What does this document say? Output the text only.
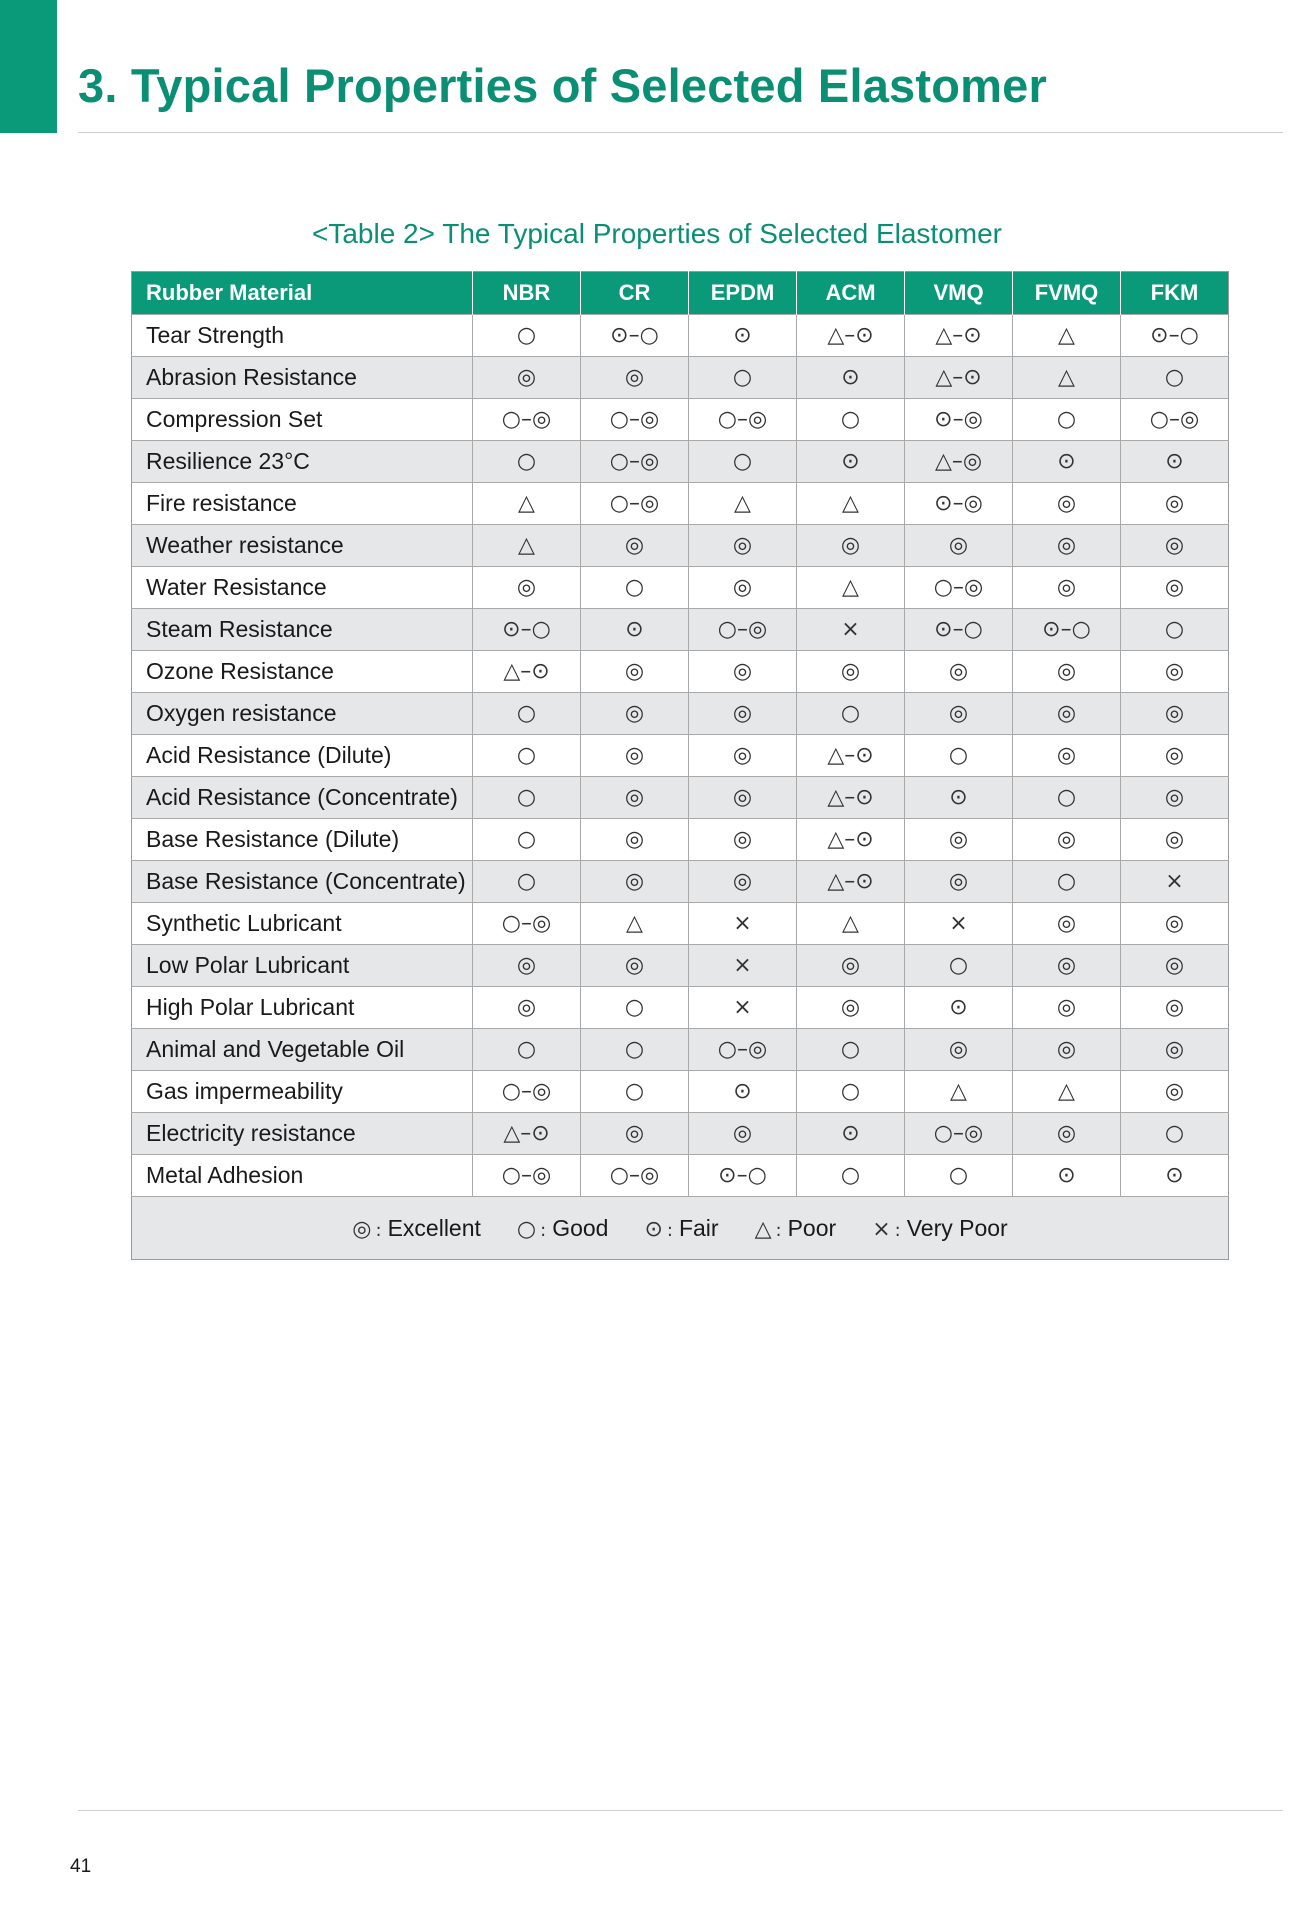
3. Typical Properties of Selected Elastomer
<Table 2> The Typical Properties of Selected Elastomer
Rubber Material	NBR	CR	EPDM	ACM	VMQ	FVMQ	FKM
Tear Strength	○	⊙–○	⊙	△–⊙	△–⊙	△	⊙–○
Abrasion Resistance	◎	◎	○	⊙	△–⊙	△	○
Compression Set	○–◎	○–◎	○–◎	○	⊙–◎	○	○–◎
Resilience 23°C	○	○–◎	○	⊙	△–◎	⊙	⊙
Fire resistance	△	○–◎	△	△	⊙–◎	◎	◎
Weather resistance	△	◎	◎	◎	◎	◎	◎
Water Resistance	◎	○	◎	△	○–◎	◎	◎
Steam Resistance	⊙–○	⊙	○–◎	×	⊙–○	⊙–○	○
Ozone Resistance	△–⊙	◎	◎	◎	◎	◎	◎
Oxygen resistance	○	◎	◎	○	◎	◎	◎
Acid Resistance (Dilute)	○	◎	◎	△–⊙	○	◎	◎
Acid Resistance (Concentrate)	○	◎	◎	△–⊙	⊙	○	◎
Base Resistance (Dilute)	○	◎	◎	△–⊙	◎	◎	◎
Base Resistance (Concentrate)	○	◎	◎	△–⊙	◎	○	×
Synthetic Lubricant	○–◎	△	×	△	×	◎	◎
Low Polar Lubricant	◎	◎	×	◎	○	◎	◎
High Polar Lubricant	◎	○	×	◎	⊙	◎	◎
Animal and Vegetable Oil	○	○	○–◎	○	◎	◎	◎
Gas impermeability	○–◎	○	⊙	○	△	△	◎
Electricity resistance	△–⊙	◎	◎	⊙	○–◎	◎	○
Metal Adhesion	○–◎	○–◎	⊙–○	○	○	⊙	⊙
◎ : Excellent ○ : Good ⊙ : Fair △ : Poor × : Very Poor							
41
